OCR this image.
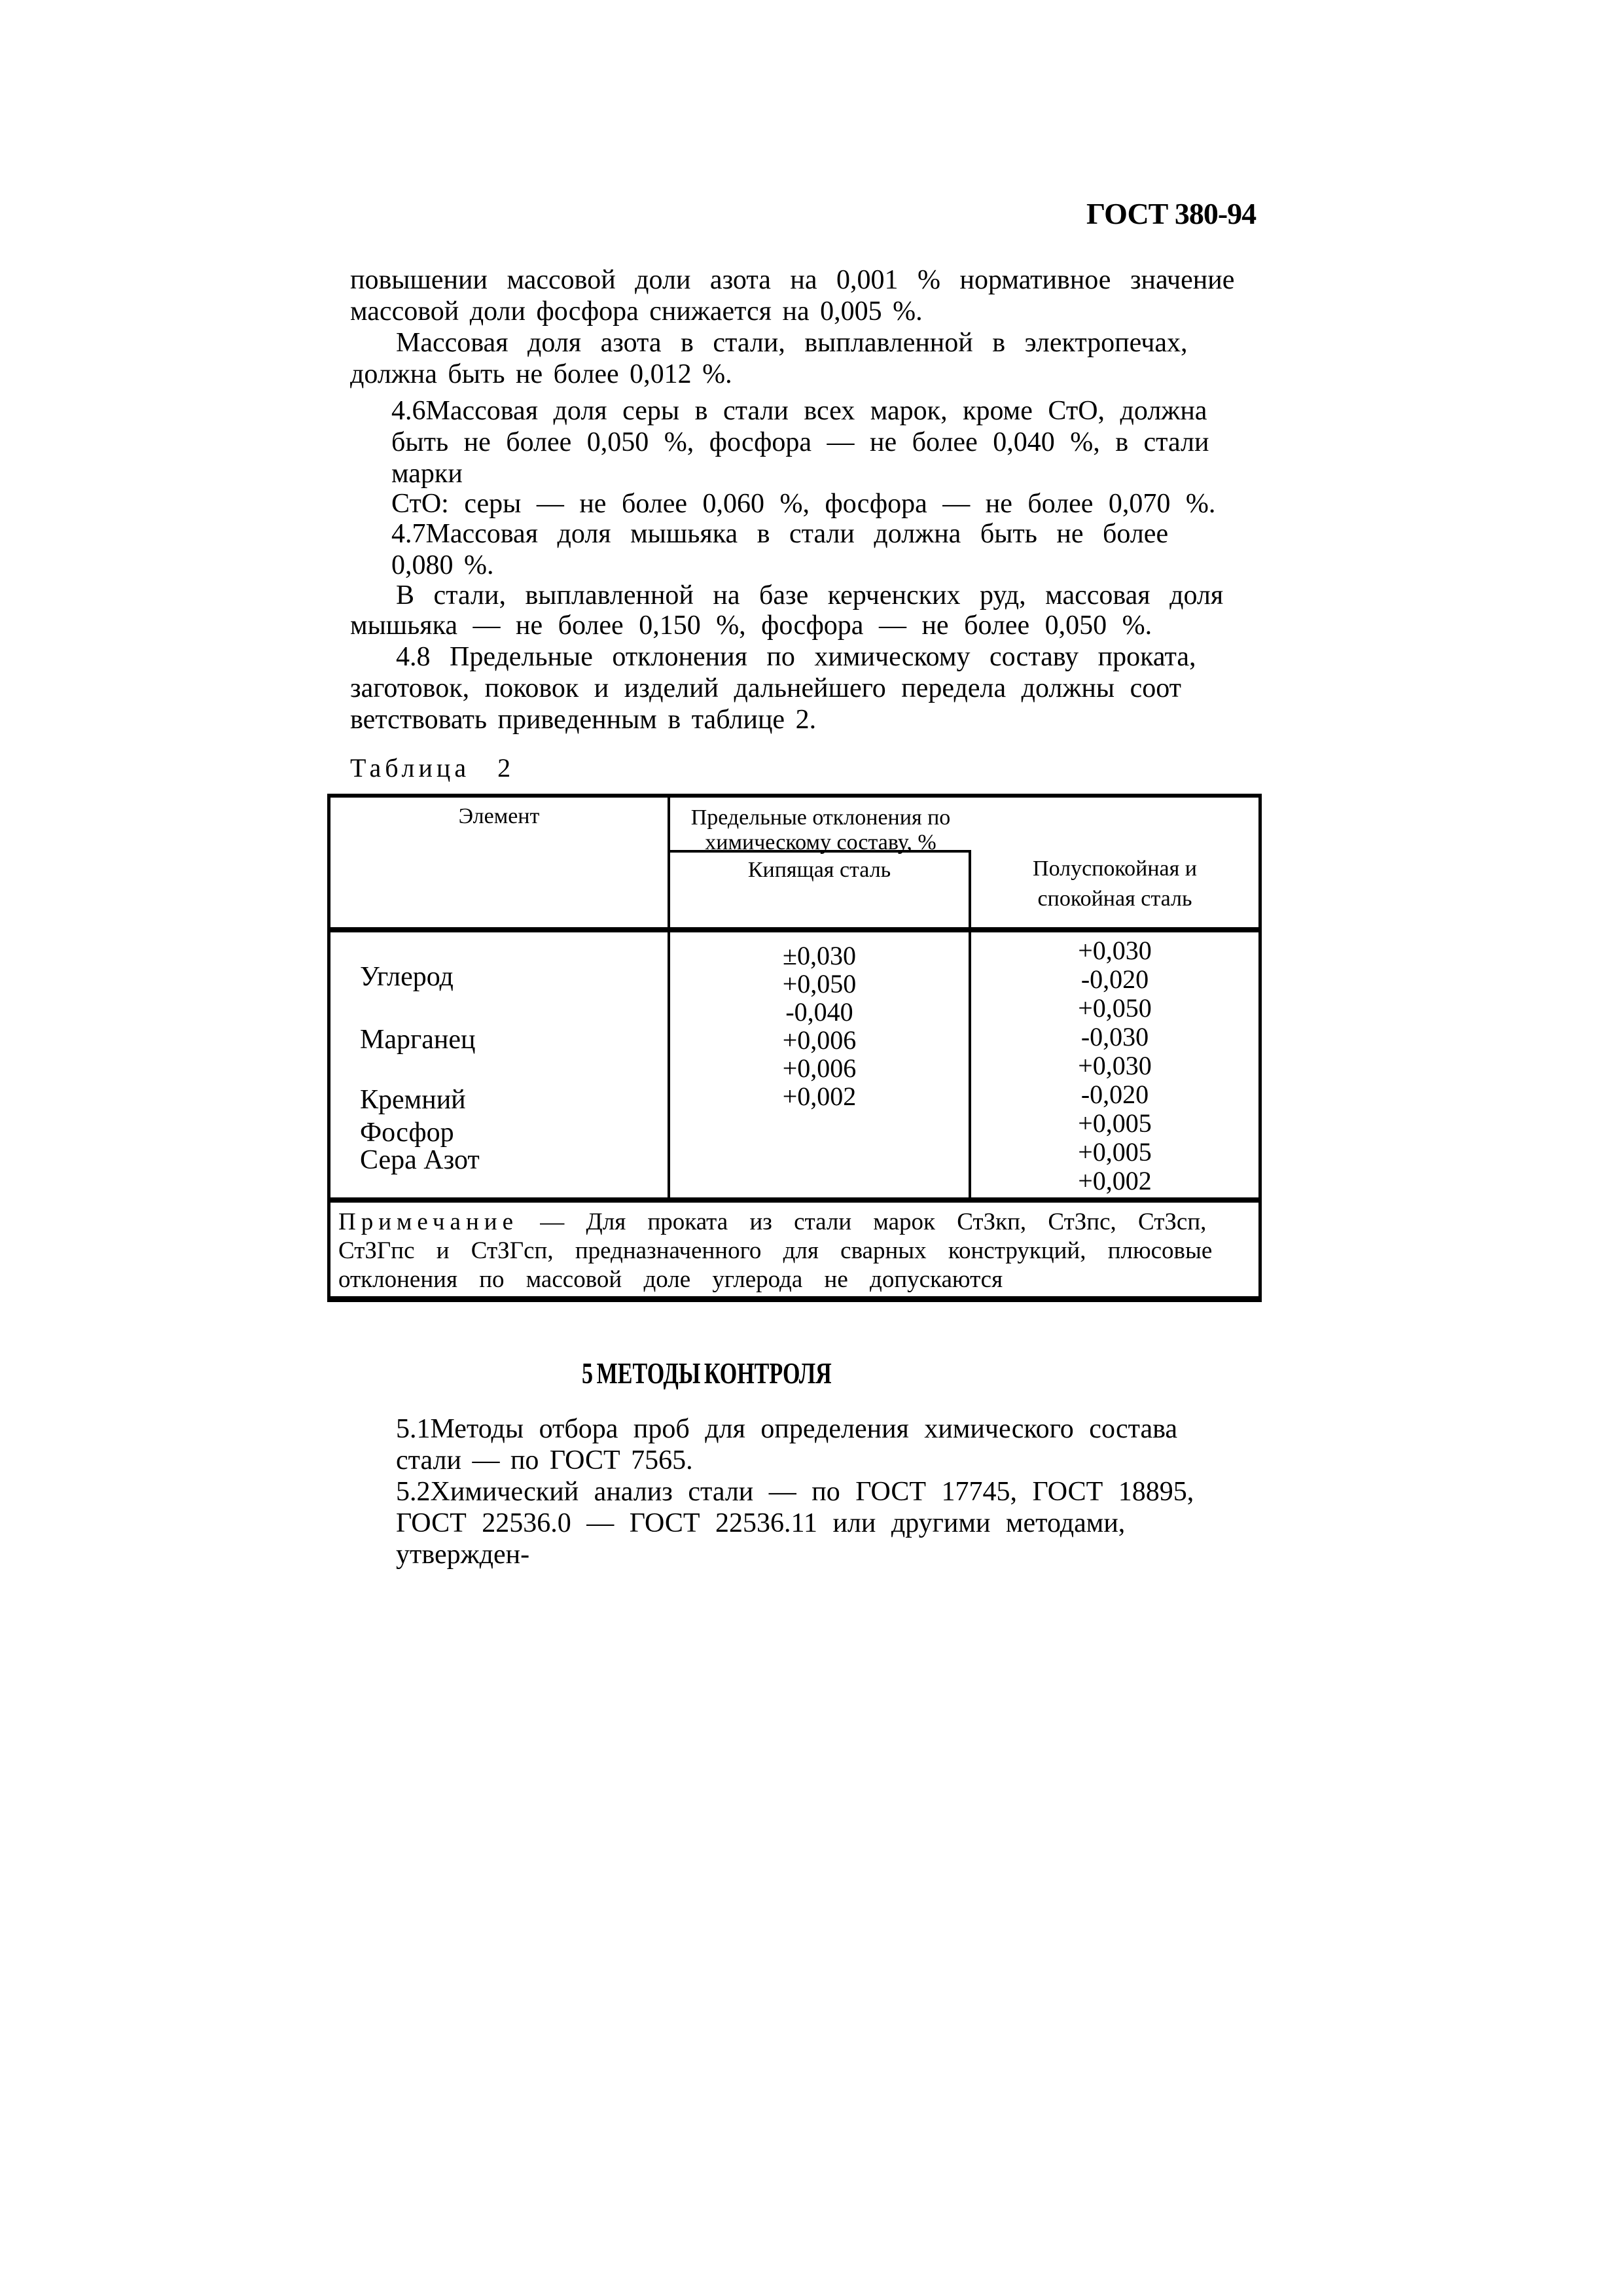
ГОСТ 380-94
повышении массовой доли азота на 0,001 % нормативное значение
массовой доли фосфора снижается на 0,005 %.
Массовая доля азота в стали, выплавленной в электропечах,
должна быть не более 0,012 %.
4.6Массовая доля серы в стали всех марок, кроме СтО, должна
быть не более 0,050 %, фосфора — не более 0,040 %, в стали
марки
СтО: серы — не более 0,060 %, фосфора — не более 0,070 %.
4.7Массовая доля мышьяка в стали должна быть не более
0,080 %.
В стали, выплавленной на базе керченских руд, массовая доля
мышьяка — не более 0,150 %, фосфора — не более 0,050 %.
4.8 Предельные отклонения по химическому составу проката,
заготовок, поковок и изделий дальнейшего передела должны соот
ветствовать приведенным в таблице 2.
Таблица 2
Элемент	Предельные отклонения по химическому составу, %
Кипящая сталь	Полуспокойная и спокойная сталь
Углерод
Марганец
Кремний
Фосфор
Сера Азот
±0,030
+0,050
-0,040
+0,006
+0,006
+0,002
+0,030
-0,020
+0,050
-0,030
+0,030
-0,020
+0,005
+0,005
+0,002
Примечание — Для проката из стали марок СтЗкп, СтЗпс, СтЗсп,
СтЗГпс и СтЗГсп, предназначенного для сварных конструкций, плюсовые
отклонения по массовой доле углерода не допускаются
5 МЕТОДЫ КОНТРОЛЯ
5.1Методы отбора проб для определения химического состава
стали — по ГОСТ 7565.
5.2Химический анализ стали — по ГОСТ 17745, ГОСТ 18895,
ГОСТ 22536.0 — ГОСТ 22536.11 или другими методами,
утвержден-
